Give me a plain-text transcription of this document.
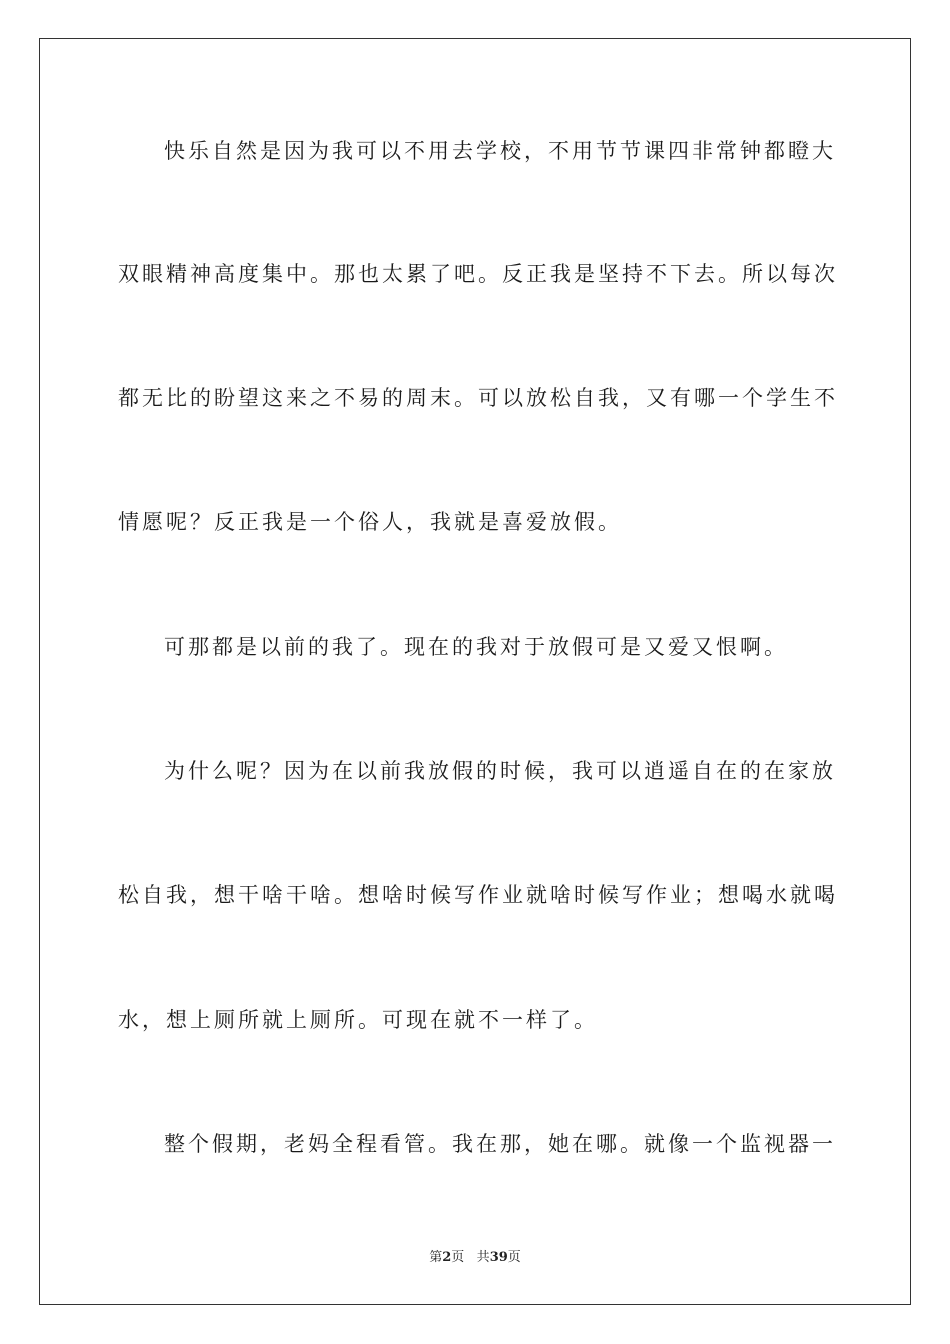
快乐自然是因为我可以不用去学校，不用节节课四非常钟都瞪大
双眼精神高度集中。那也太累了吧。反正我是坚持不下去。所以每次
都无比的盼望这来之不易的周末。可以放松自我，又有哪一个学生不
情愿呢？反正我是一个俗人，我就是喜爱放假。
可那都是以前的我了。现在的我对于放假可是又爱又恨啊。
为什么呢？因为在以前我放假的时候，我可以逍遥自在的在家放
松自我，想干啥干啥。想啥时候写作业就啥时候写作业；想喝水就喝
水，想上厕所就上厕所。可现在就不一样了。
整个假期，老妈全程看管。我在那，她在哪。就像一个监视器一
第2页 共39页
